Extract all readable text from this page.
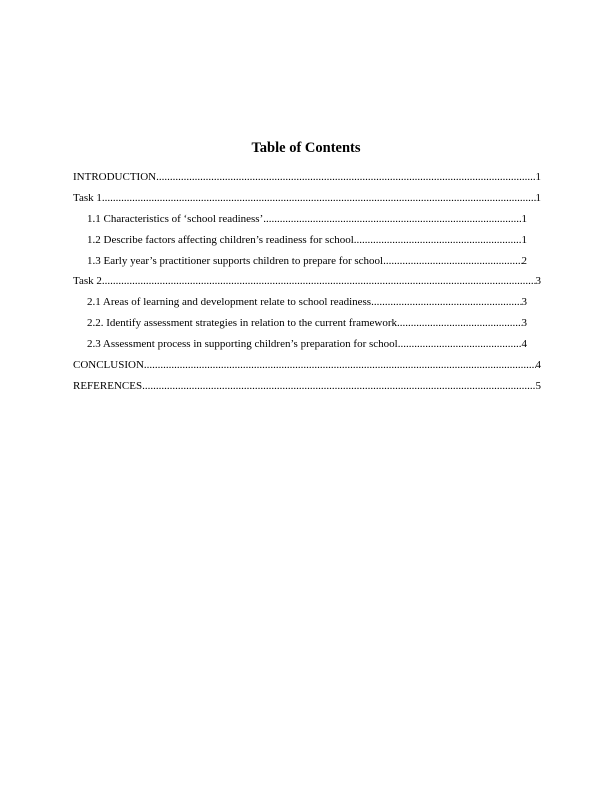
Table of Contents
INTRODUCTION .....	1
Task 1 .....	1
1.1 Characteristics of ‘school readiness’ .....	1
1.2 Describe factors affecting children’s readiness for school .....	1
1.3 Early year’s practitioner supports children to prepare for school .....	2
Task 2 .....	3
2.1 Areas of learning and development relate to school readiness .....	3
2.2. Identify assessment strategies in relation to the current framework .....	3
2.3 Assessment process in supporting children’s preparation for school .....	4
CONCLUSION .....	4
REFERENCES .....	5
